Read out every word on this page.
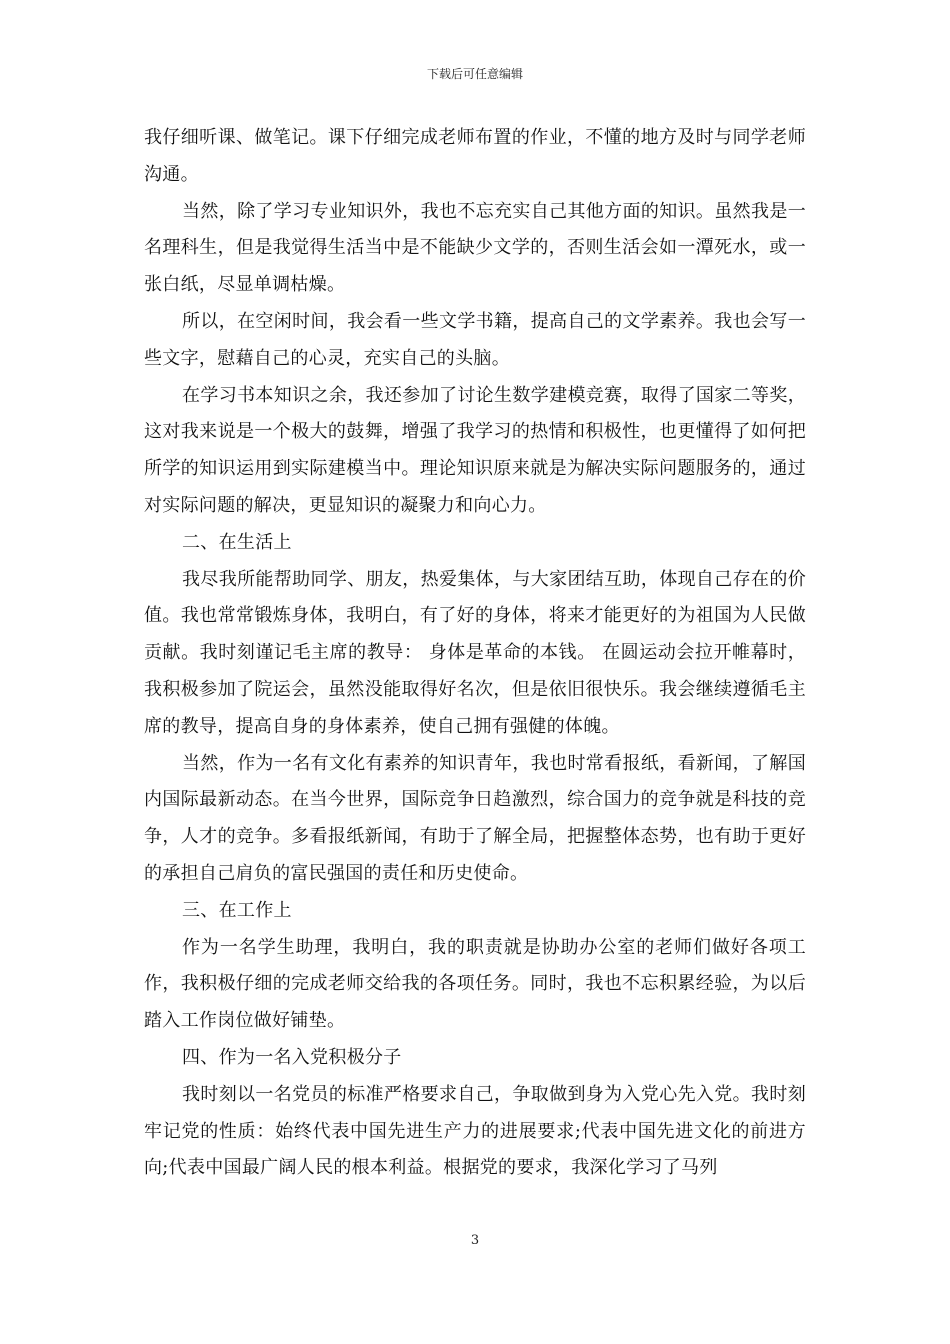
下载后可任意编辑

我仔细听课、做笔记。课下仔细完成老师布置的作业，不懂的地方及时与同学老师沟通。

当然，除了学习专业知识外，我也不忘充实自己其他方面的知识。虽然我是一名理科生，但是我觉得生活当中是不能缺少文学的，否则生活会如一潭死水，或一张白纸，尽显单调枯燥。

所以，在空闲时间，我会看一些文学书籍，提高自己的文学素养。我也会写一些文字，慰藉自己的心灵，充实自己的头脑。

在学习书本知识之余，我还参加了讨论生数学建模竞赛，取得了国家二等奖，这对我来说是一个极大的鼓舞，增强了我学习的热情和积极性，也更懂得了如何把所学的知识运用到实际建模当中。理论知识原来就是为解决实际问题服务的，通过对实际问题的解决，更显知识的凝聚力和向心力。

二、在生活上

我尽我所能帮助同学、朋友，热爱集体，与大家团结互助，体现自己存在的价值。我也常常锻炼身体，我明白，有了好的身体，将来才能更好的为祖国为人民做贡献。我时刻谨记毛主席的教导： 身体是革命的本钱。 在圆运动会拉开帷幕时，我积极参加了院运会，虽然没能取得好名次，但是依旧很快乐。我会继续遵循毛主席的教导，提高自身的身体素养，使自己拥有强健的体魄。

当然，作为一名有文化有素养的知识青年，我也时常看报纸，看新闻，了解国内国际最新动态。在当今世界，国际竞争日趋激烈，综合国力的竞争就是科技的竞争，人才的竞争。多看报纸新闻，有助于了解全局，把握整体态势，也有助于更好的承担自己肩负的富民强国的责任和历史使命。

三、在工作上

作为一名学生助理，我明白，我的职责就是协助办公室的老师们做好各项工作，我积极仔细的完成老师交给我的各项任务。同时，我也不忘积累经验，为以后踏入工作岗位做好铺垫。

四、作为一名入党积极分子

我时刻以一名党员的标准严格要求自己，争取做到身为入党心先入党。我时刻牢记党的性质：始终代表中国先进生产力的进展要求;代表中国先进文化的前进方向;代表中国最广阔人民的根本利益。根据党的要求，我深化学习了马列

3
